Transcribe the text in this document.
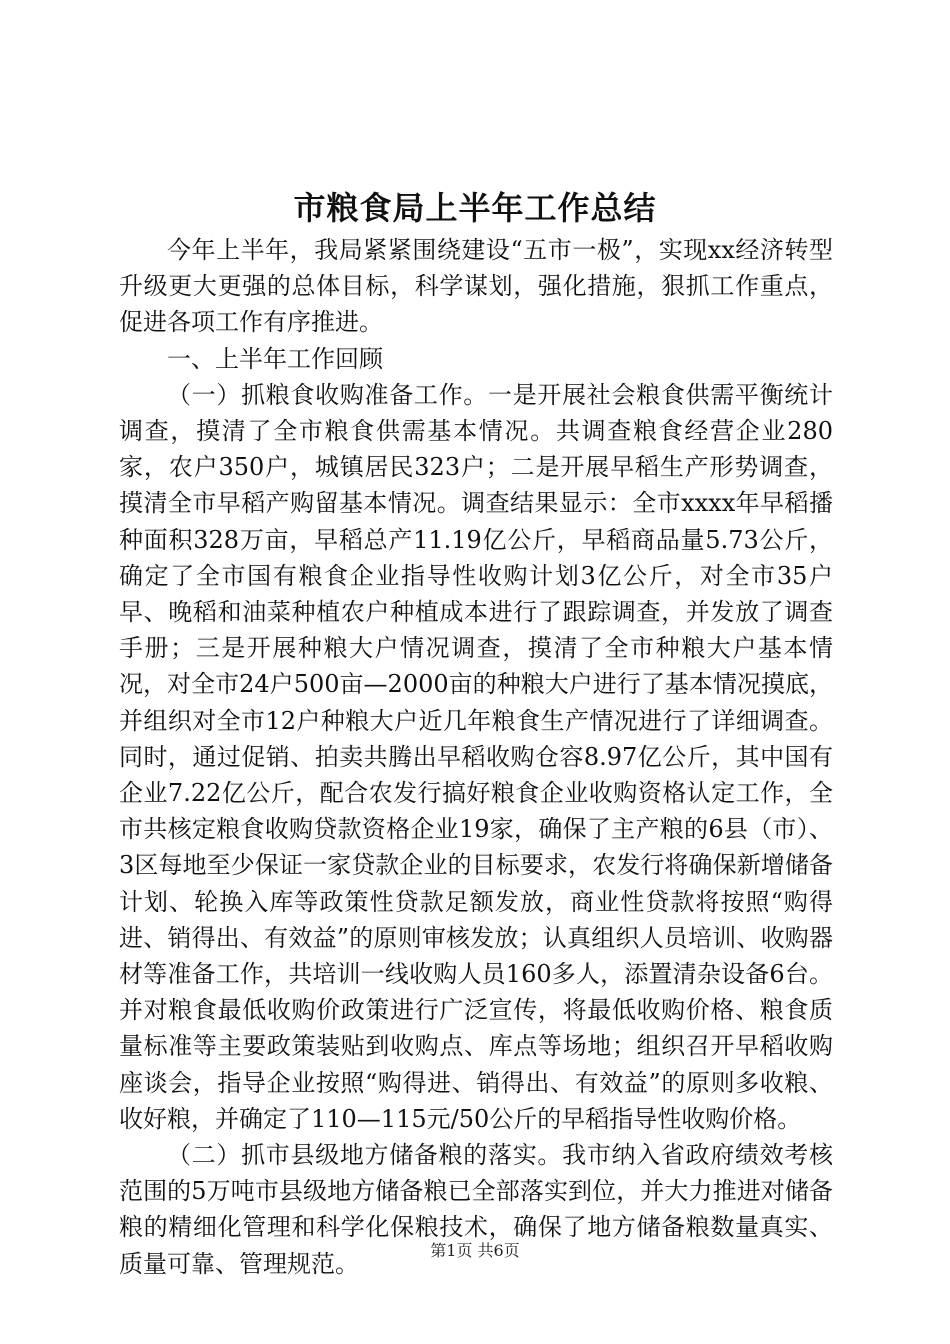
市粮食局上半年工作总结

今年上半年，我局紧紧围绕建设“五市一极”，实现xx经济转型升级更大更强的总体目标，科学谋划，强化措施，狠抓工作重点，促进各项工作有序推进。

一、上半年工作回顾

（一）抓粮食收购准备工作。一是开展社会粮食供需平衡统计调查，摸清了全市粮食供需基本情况。共调查粮食经营企业280家，农户350户，城镇居民323户；二是开展早稻生产形势调查，摸清全市早稻产购留基本情况。调查结果显示：全市xxxx年早稻播种面积328万亩，早稻总产11.19亿公斤，早稻商品量5.73公斤，确定了全市国有粮食企业指导性收购计划3亿公斤，对全市35户早、晚稻和油菜种植农户种植成本进行了跟踪调查，并发放了调查手册；三是开展种粮大户情况调查，摸清了全市种粮大户基本情况，对全市24户500亩—2000亩的种粮大户进行了基本情况摸底，并组织对全市12户种粮大户近几年粮食生产情况进行了详细调查。同时，通过促销、拍卖共腾出早稻收购仓容8.97亿公斤，其中国有企业7.22亿公斤，配合农发行搞好粮食企业收购资格认定工作，全市共核定粮食收购贷款资格企业19家，确保了主产粮的6县（市）、3区每地至少保证一家贷款企业的目标要求，农发行将确保新增储备计划、轮换入库等政策性贷款足额发放，商业性贷款将按照“购得进、销得出、有效益”的原则审核发放；认真组织人员培训、收购器材等准备工作，共培训一线收购人员160多人，添置清杂设备6台。并对粮食最低收购价政策进行广泛宣传，将最低收购价格、粮食质量标准等主要政策装贴到收购点、库点等场地；组织召开早稻收购座谈会，指导企业按照“购得进、销得出、有效益”的原则多收粮、收好粮，并确定了110—115元/50公斤的早稻指导性收购价格。

（二）抓市县级地方储备粮的落实。我市纳入省政府绩效考核范围的5万吨市县级地方储备粮已全部落实到位，并大力推进对储备粮的精细化管理和科学化保粮技术，确保了地方储备粮数量真实、质量可靠、管理规范。	第1页 共6页
